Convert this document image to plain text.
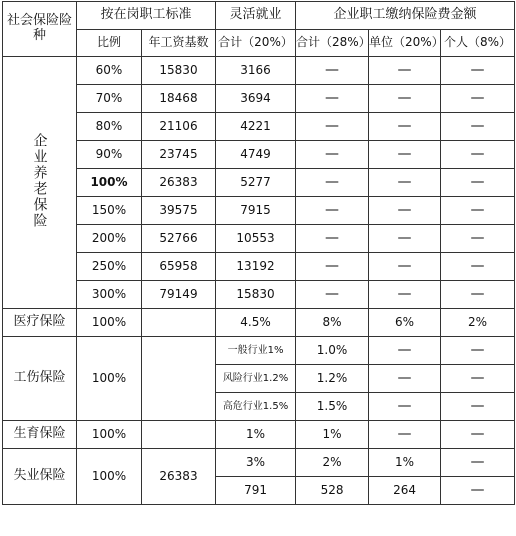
社会保险险种	按在岗职工标准		灵活就业	企业职工缴纳保险费金额		
	比例	年工资基数	合计（20%）	合计（28%）	单位（20%）	个人（8%）
企业养老保险	60%	15830	3166	—	—	—
	70%	18468	3694	—	—	—
	80%	21106	4221	—	—	—
	90%	23745	4749	—	—	—
	100%	26383	5277	—	—	—
	150%	39575	7915	—	—	—
	200%	52766	10553	—	—	—
	250%	65958	13192	—	—	—
	300%	79149	15830	—	—	—
医疗保险	100%		4.5%	8%	6%	2%
工伤保险	100%		一般行业1%	1.0%	—	—
			风险行业1.2%	1.2%	—	—
			高危行业1.5%	1.5%	—	—
生育保险	100%		1%	1%	—	—
失业保险	100%	26383	3%	2%	1%	—
			791	528	264	—
